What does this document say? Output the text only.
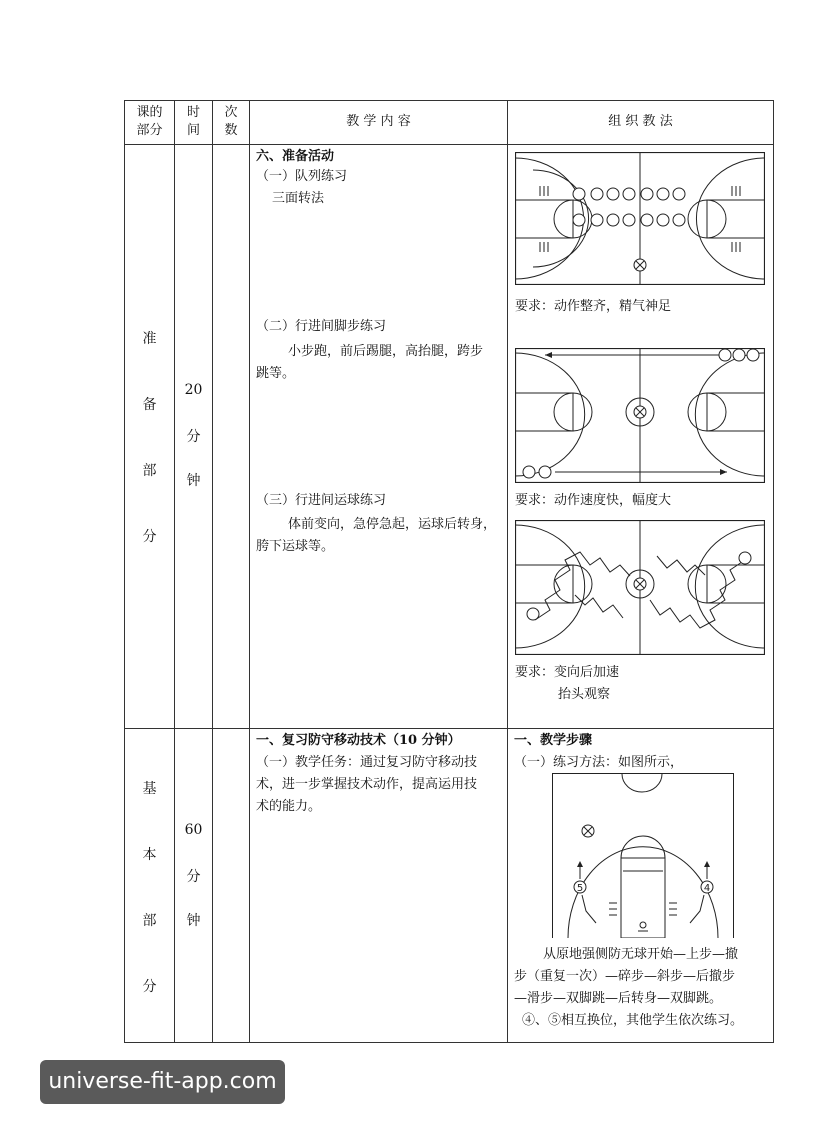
课的
部分
时
间
次
数
教 学 内 容	组 织 教 法
准
备
部
分
20
分
钟
六、准备活动
（一）队列练习
三面转法
（二）行进间脚步练习
小步跑，前后踢腿，高抬腿，跨步
跳等。
（三）行进间运球练习
体前变向，急停急起，运球后转身，
胯下运球等。
要求：动作整齐，精气神足
要求：动作速度快，幅度大
要求：变向后加速
抬头观察
基
本
部
分
60
分
钟
一、复习防守移动技术（10 分钟）
（一）教学任务：通过复习防守移动技
术，进一步掌握技术动作，提高运用技
术的能力。
一、教学步骤
（一）练习方法：如图所示，
5	4
从原地强侧防无球开始—上步—撤
步（重复一次）—碎步—斜步—后撤步
—滑步—双脚跳—后转身—双脚跳。
④、⑤相互换位，其他学生依次练习。
universe-fit-app.com
